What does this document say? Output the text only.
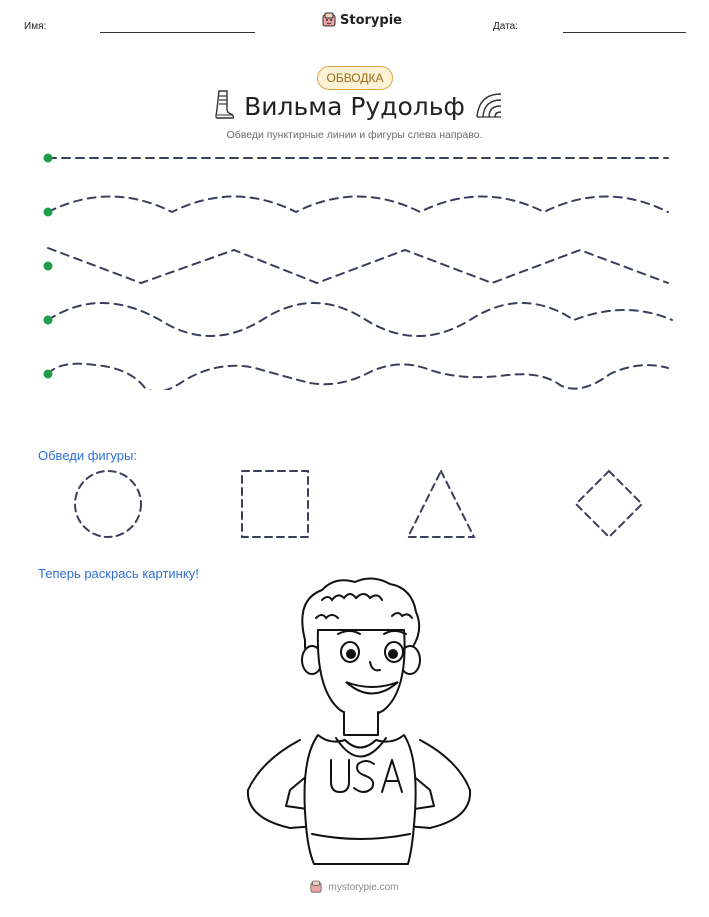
Имя:	Storypie	Дата:
ОБВОДКА
Вильма Рудольф
Обведи пунктирные линии и фигуры слева направо.
Обведи фигуры:
Теперь раскрась картинку!
mystorypie.com
